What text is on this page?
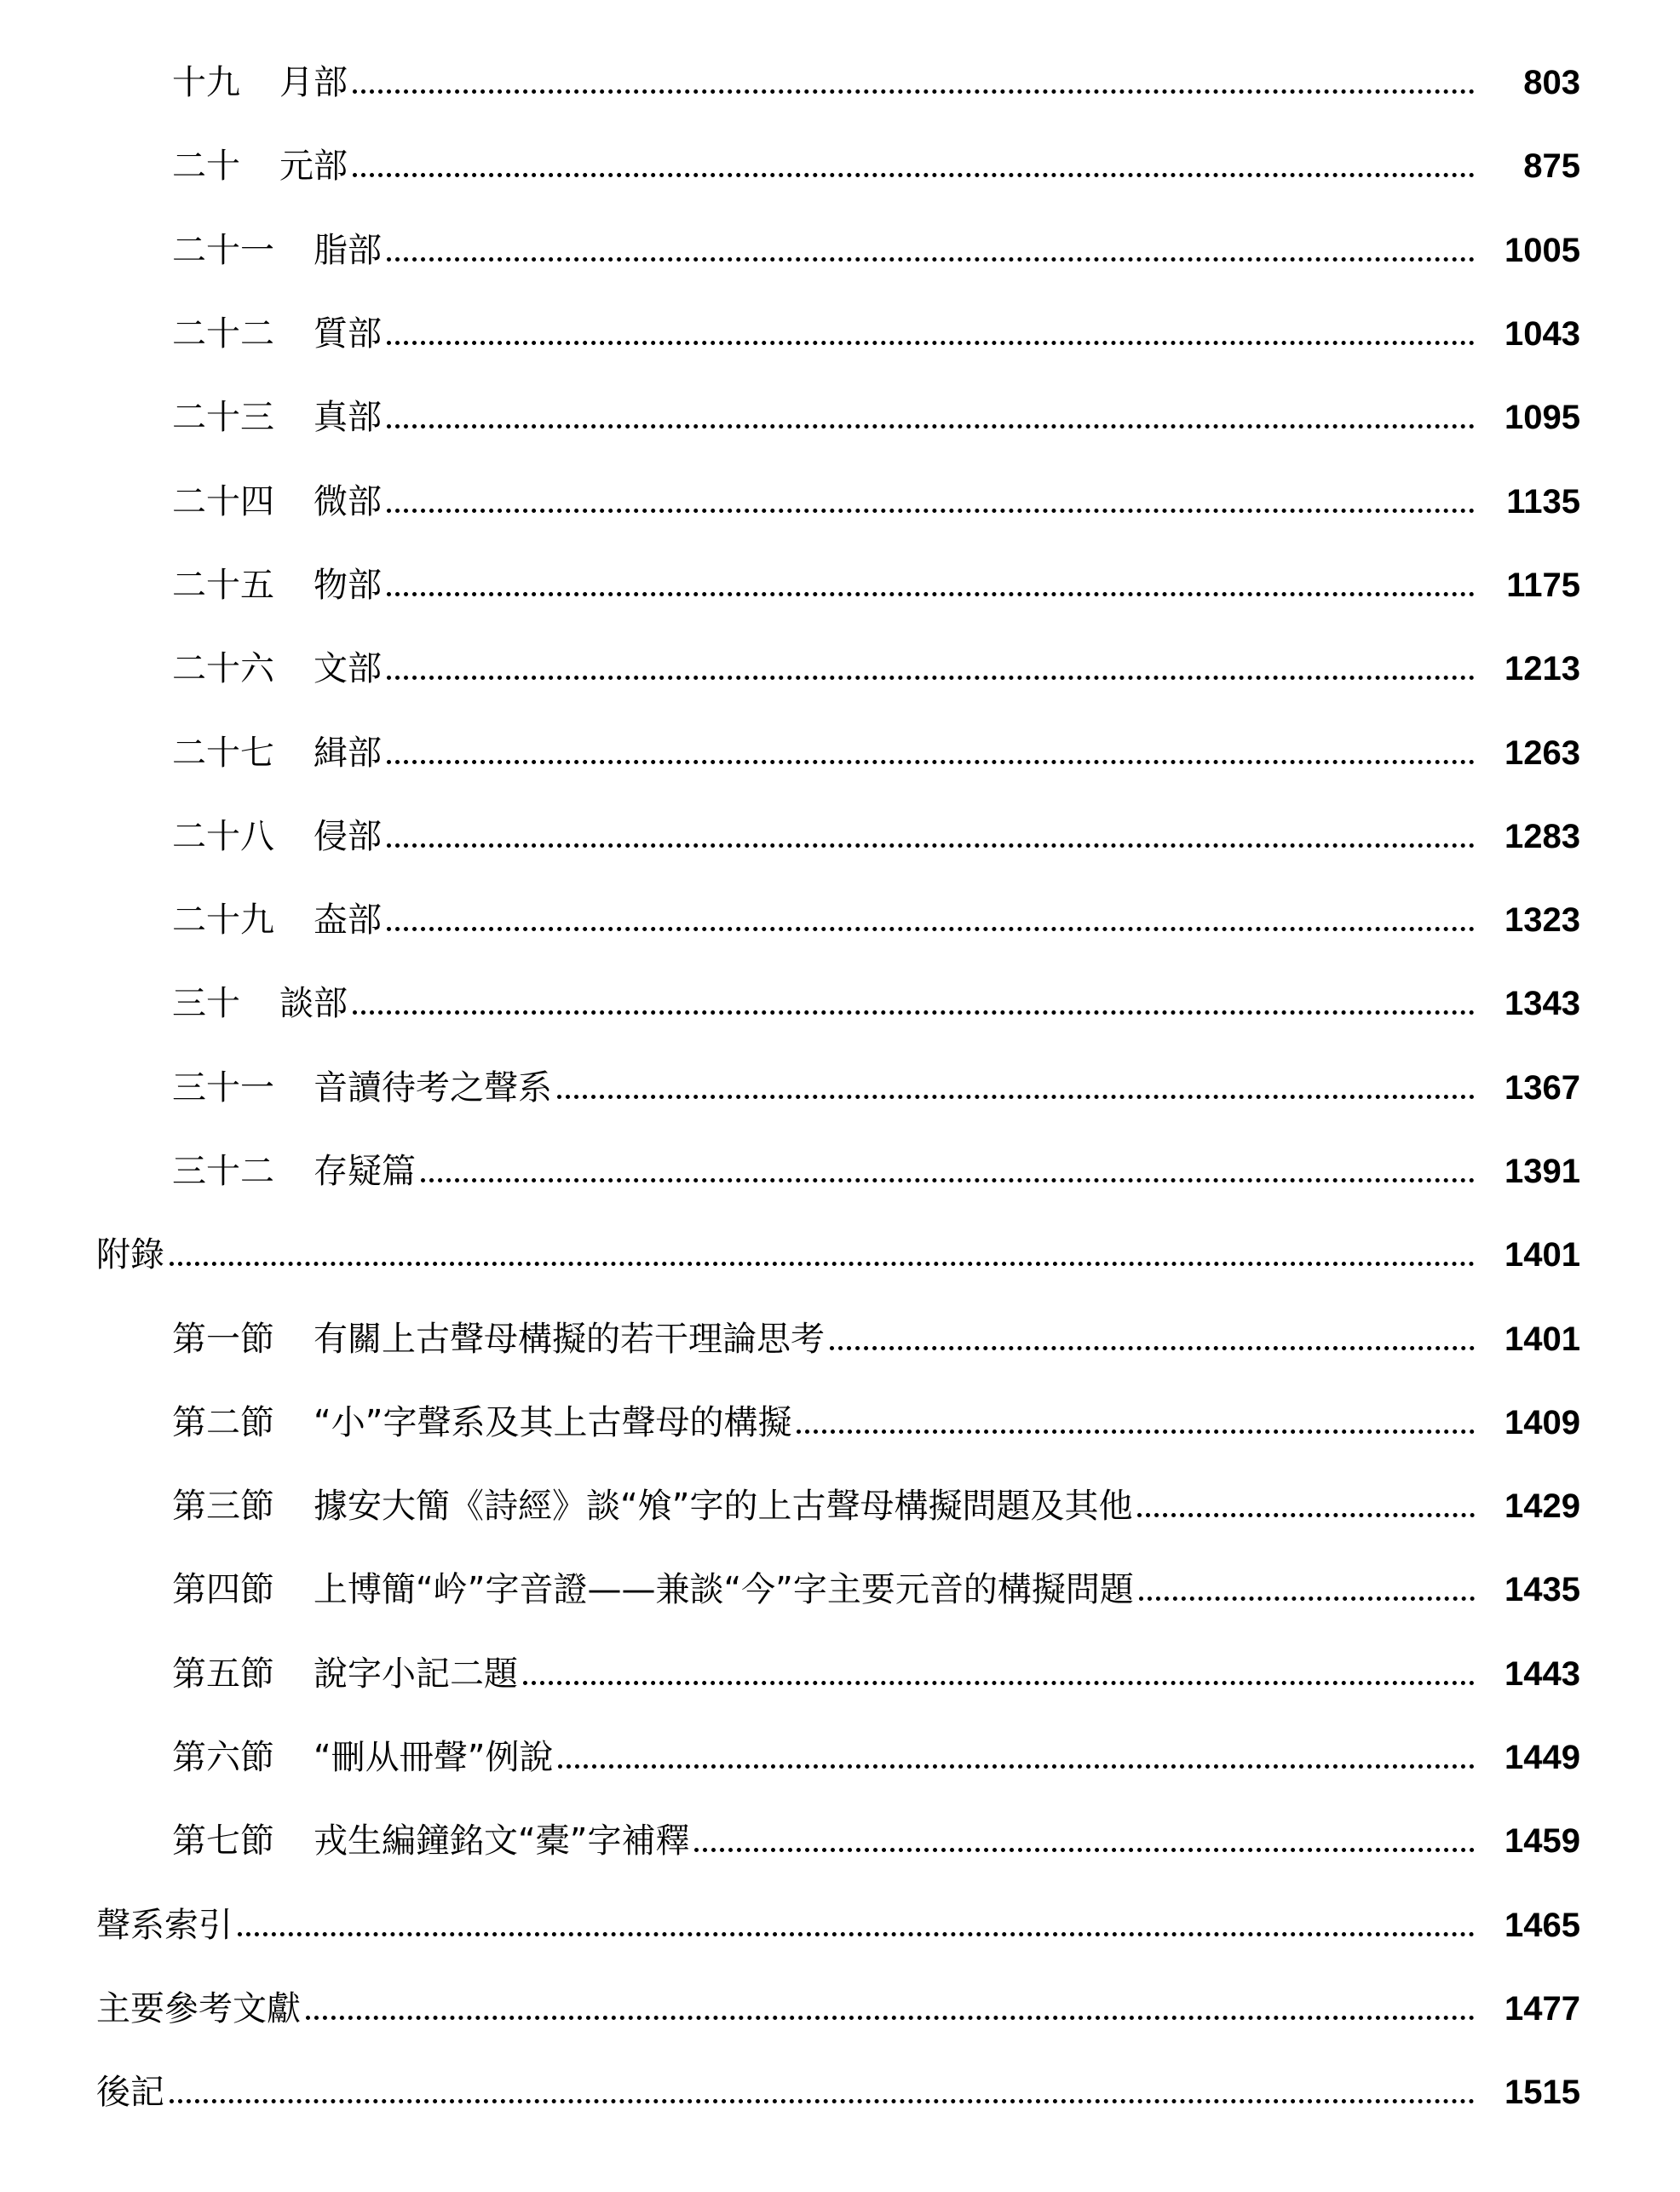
十九 月部	803
二十 元部	875
二十一 脂部	1005
二十二 質部	1043
二十三 真部	1095
二十四 微部	1135
二十五 物部	1175
二十六 文部	1213
二十七 緝部	1263
二十八 侵部	1283
二十九 盇部	1323
三十 談部	1343
三十一 音讀待考之聲系	1367
三十二 存疑篇	1391
附錄	1401
第一節 有關上古聲母構擬的若干理論思考	1401
第二節 “小”字聲系及其上古聲母的構擬	1409
第三節 據安大簡《詩經》談“飧”字的上古聲母構擬問題及其他	1429
第四節 上博簡“岒”字音證——兼談“今”字主要元音的構擬問題	1435
第五節 說字小記二題	1443
第六節 “刪从冊聲”例說	1449
第七節 戎生編鐘銘文“橐”字補釋	1459
聲系索引	1465
主要參考文獻	1477
後記	1515
